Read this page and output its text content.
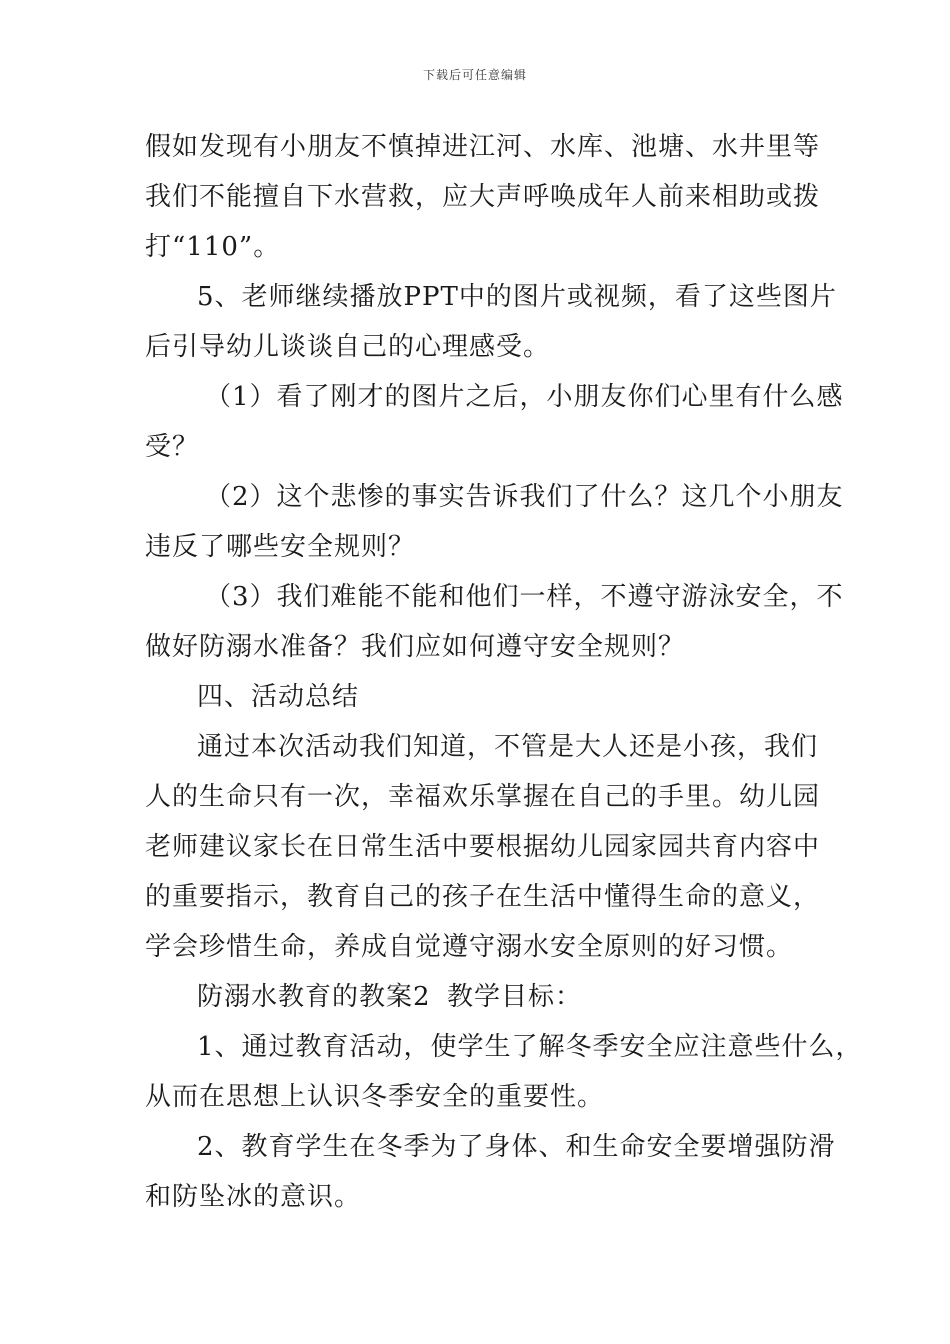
下载后可任意编辑
假如发现有小朋友不慎掉进江河、水库、池塘、水井里等
我们不能擅自下水营救，应大声呼唤成年人前来相助或拨
打“110”。
5、老师继续播放PPT中的图片或视频，看了这些图片
后引导幼儿谈谈自己的心理感受。
（1）看了刚才的图片之后，小朋友你们心里有什么感
受？
（2）这个悲惨的事实告诉我们了什么？这几个小朋友
违反了哪些安全规则？
（3）我们难能不能和他们一样，不遵守游泳安全，不
做好防溺水准备？我们应如何遵守安全规则？
四、活动总结
通过本次活动我们知道，不管是大人还是小孩，我们
人的生命只有一次，幸福欢乐掌握在自己的手里。幼儿园
老师建议家长在日常生活中要根据幼儿园家园共育内容中
的重要指示，教育自己的孩子在生活中懂得生命的意义，
学会珍惜生命，养成自觉遵守溺水安全原则的好习惯。
防溺水教育的教案2 教学目标：
1、通过教育活动，使学生了解冬季安全应注意些什么，
从而在思想上认识冬季安全的重要性。
2、教育学生在冬季为了身体、和生命安全要增强防滑
和防坠冰的意识。
